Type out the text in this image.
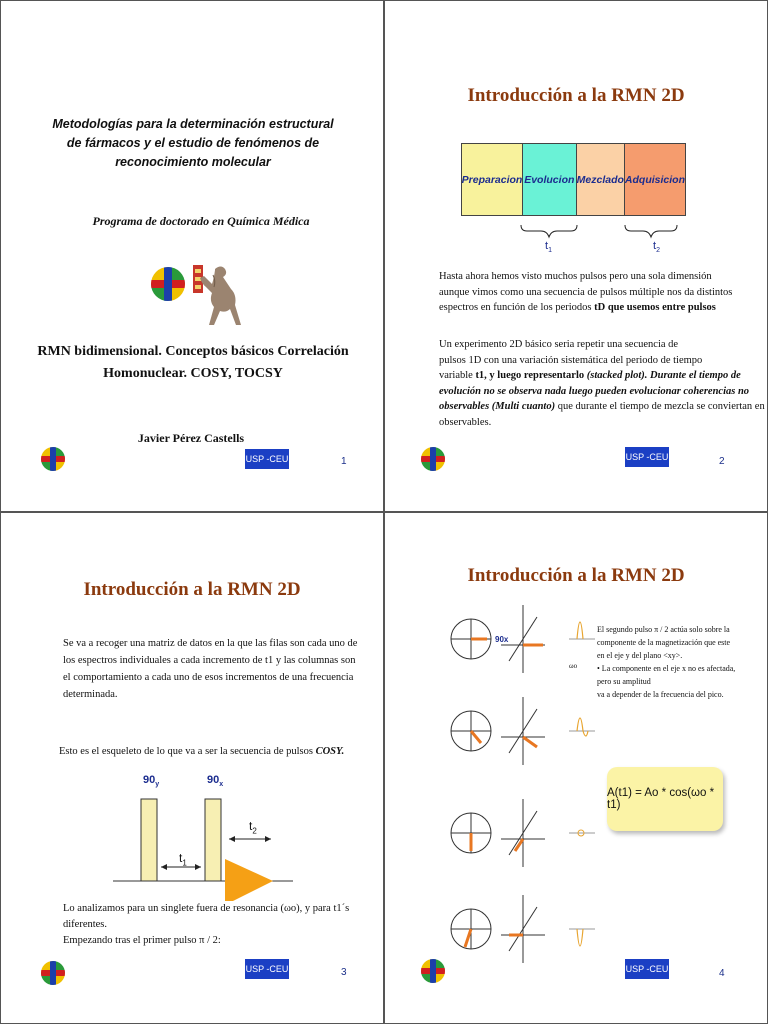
Metodologías para la determinación estructural
de fármacos y el estudio de fenómenos de
reconocimiento molecular
Programa de doctorado en Química Médica
RMN bidimensional. Conceptos básicos Correlación
Homonuclear. COSY, TOCSY
Javier Pérez Castells
USP -CEU	1
Introducción a la RMN 2D
Preparacion Evolucion Mezclado Adquisicion
$t_1$	$t_2$
Hasta ahora hemos visto muchos pulsos pero una sola dimensión
aunque vimos como una secuencia de pulsos múltiple nos da distintos
espectros en función de los periodos tD que usemos entre pulsos
Un experimento 2D básico seria repetir una secuencia de
pulsos 1D con una variación sistemática del periodo de tiempo
variable t1, y luego representarlo (stacked plot). Durante el tiempo de
evolución no se observa nada luego pueden evolucionar coherencias no
observables (Multi cuanto) que durante el tiempo de mezcla se conviertan en
observables.
USP -CEU	2
Introducción a la RMN 2D
Se va a recoger una matriz de datos en la que las filas son cada uno de
los espectros individuales a cada incremento de t1 y las columnas son
el comportamiento a cada uno de esos incrementos de una frecuencia
determinada.
Esto es el esqueleto de lo que va a ser la secuencia de pulsos COSY.
$90_y$	$90_x$
$t_1$
$t_2$
Lo analizamos para un singlete fuera de resonancia (ωo), y para t1´s diferentes.
Empezando tras el primer pulso π / 2:
USP -CEU	3
Introducción a la RMN 2D
El segundo pulso π / 2 actúa solo sobre la
componente de la magnetización que este
en el eje y del plano <xy>.
• La componente en el eje x no es afectada,
pero su amplitud
va a depender de la frecuencia del pico.
A(t1) = Ao * cos(ωo * t1)
90x
ωo
USP -CEU	4
